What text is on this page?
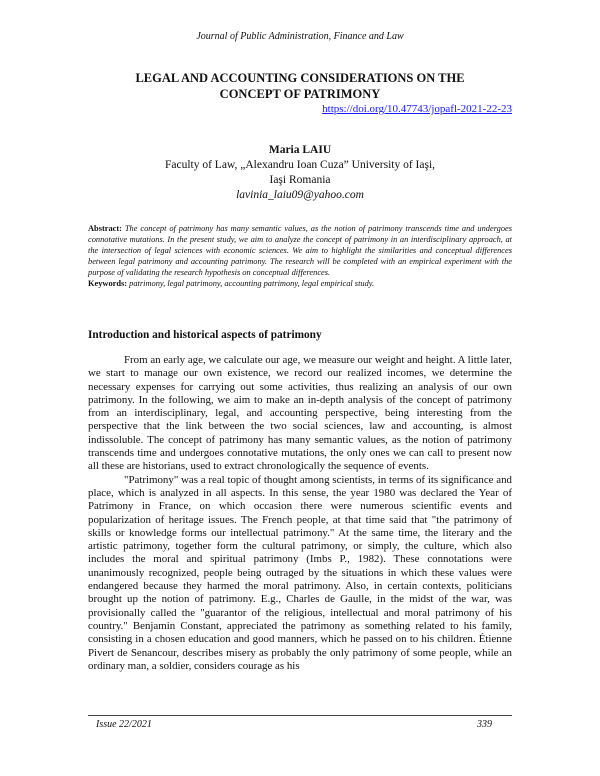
Journal of Public Administration, Finance and Law
LEGAL AND ACCOUNTING CONSIDERATIONS ON THE
CONCEPT OF PATRIMONY
https://doi.org/10.47743/jopafl-2021-22-23
Maria LAIU
Faculty of Law, „Alexandru Ioan Cuza” University of Iaşi,
Iaşi Romania
lavinia_laiu09@yahoo.com
Abstract: The concept of patrimony has many semantic values, as the notion of patrimony transcends time and undergoes connotative mutations. In the present study, we aim to analyze the concept of patrimony in an interdisciplinary approach, at the intersection of legal sciences with economic sciences. We aim to highlight the similarities and conceptual differences between legal patrimony and accounting patrimony. The research will be completed with an empirical experiment with the purpose of validating the research hypothesis on conceptual differences.
Keywords: patrimony, legal patrimony, accounting patrimony, legal empirical study.
Introduction and historical aspects of patrimony

From an early age, we calculate our age, we measure our weight and height. A little later, we start to manage our own existence, we record our realized incomes, we determine the necessary expenses for carrying out some activities, thus realizing an analysis of our own patrimony. In the following, we aim to make an in-depth analysis of the concept of patrimony from an interdisciplinary, legal, and accounting perspective, being interesting from the perspective that the link between the two social sciences, law and accounting, is almost indissoluble. The concept of patrimony has many semantic values, as the notion of patrimony transcends time and undergoes connotative mutations, the only ones we can call to present now all these are historians, used to extract chronologically the sequence of events.

"Patrimony" was a real topic of thought among scientists, in terms of its significance and place, which is analyzed in all aspects. In this sense, the year 1980 was declared the Year of Patrimony in France, on which occasion there were numerous scientific events and popularization of heritage issues. The French people, at that time said that "the patrimony of skills or knowledge forms our intellectual patrimony." At the same time, the literary and the artistic patrimony, together form the cultural patrimony, or simply, the culture, which also includes the moral and spiritual patrimony (Imbs P., 1982). These connotations were unanimously recognized, people being outraged by the situations in which these values were endangered because they harmed the moral patrimony. Also, in certain contexts, politicians brought up the notion of patrimony. E.g., Charles de Gaulle, in the midst of the war, was provisionally called the "guarantor of the religious, intellectual and moral patrimony of his country." Benjamin Constant, appreciated the patrimony as something related to his family, consisting in a chosen education and good manners, which he passed on to his children. Étienne Pivert de Senancour, describes misery as probably the only patrimony of some people, while an ordinary man, a soldier, considers courage as his

Issue 22/2021	339
